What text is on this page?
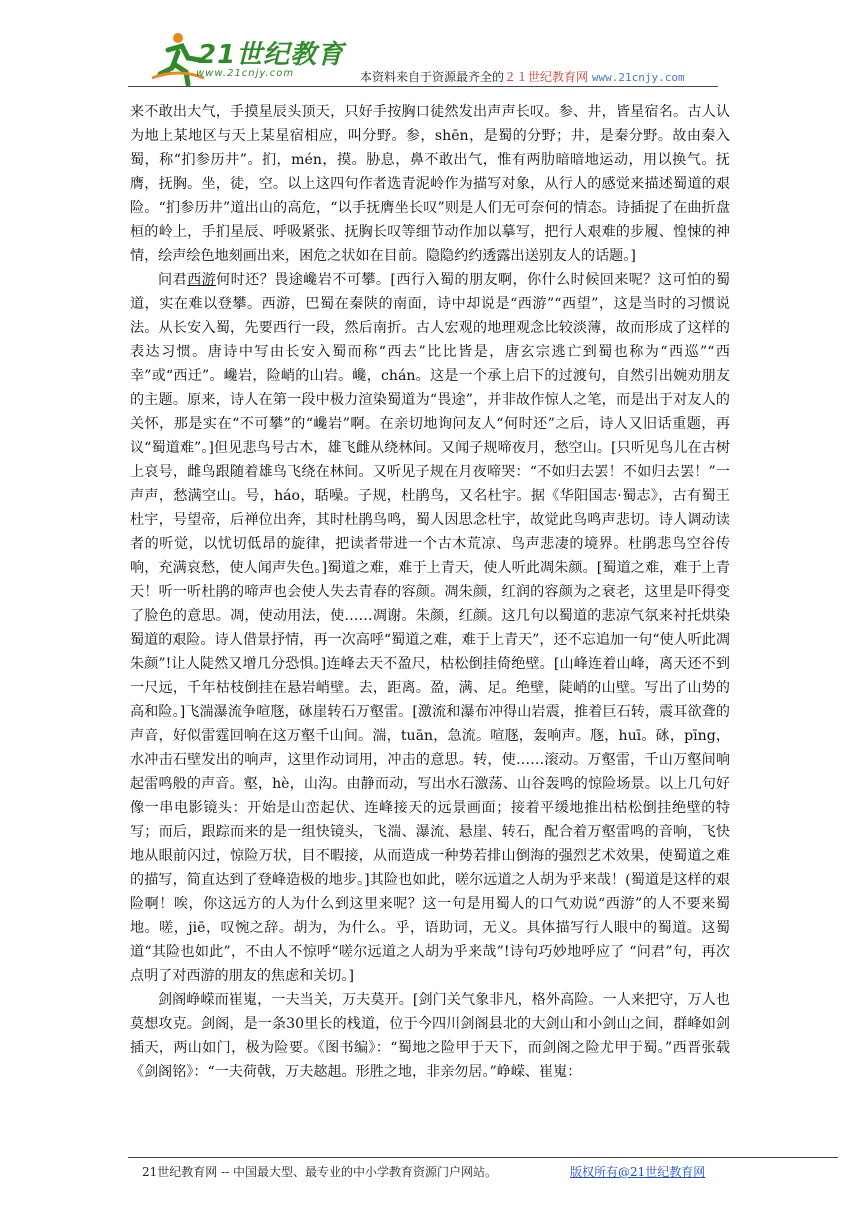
21世纪教育
www.21cnjy.com	本资料来自于资源最齐全的２１世纪教育网 www.21cnjy.com

来不敢出大气，手摸星辰头顶天，只好手按胸口徒然发出声声长叹。参、井，皆星宿名。古人认为地上某地区与天上某星宿相应，叫分野。参，shēn，是蜀的分野；井，是秦分野。故由秦入蜀，称“扪参历井”。扪，mén，摸。胁息，鼻不敢出气，惟有两肋暗暗地运动，用以换气。抚膺，抚胸。坐，徒，空。以上这四句作者选青泥岭作为描写对象，从行人的感觉来描述蜀道的艰险。“扪参历井”道出山的高危，“以手抚膺坐长叹”则是人们无可奈何的情态。诗插捉了在曲折盘桓的岭上，手扪星辰、呼吸紧张、抚胸长叹等细节动作加以摹写，把行人艰难的步履、惶悚的神情，绘声绘色地刻画出来，困危之状如在目前。隐隐约约透露出送别友人的话题。]

问君西游何时还？畏途巉岩不可攀。[西行入蜀的朋友啊，你什么时候回来呢？这可怕的蜀道，实在难以登攀。西游，巴蜀在秦陕的南面，诗中却说是“西游”“西望”，这是当时的习惯说法。从长安入蜀，先要西行一段，然后南折。古人宏观的地理观念比较淡薄，故而形成了这样的表达习惯。唐诗中写由长安入蜀而称“西去”比比皆是，唐玄宗逃亡到蜀也称为“西巡”“西幸”或“西迁”。巉岩，险峭的山岩。巉，chán。这是一个承上启下的过渡句，自然引出婉劝朋友的主题。原来，诗人在第一段中极力渲染蜀道为“畏途”，并非故作惊人之笔，而是出于对友人的关怀，那是实在“不可攀”的“巉岩”啊。在亲切地询问友人“何时还”之后，诗人又旧话重题，再议“蜀道难”。]但见悲鸟号古木，雄飞雌从绕林间。又闻子规啼夜月，愁空山。[只听见鸟儿在古树上哀号，雌鸟跟随着雄鸟飞绕在林间。又听见子规在月夜啼哭：“不如归去罢！不如归去罢！”一声声，愁满空山。号，háo，聒噪。子规，杜鹃鸟，又名杜宇。据《华阳国志·蜀志》，古有蜀王杜宇，号望帝，后禅位出奔，其时杜鹃鸟鸣，蜀人因思念杜宇，故觉此鸟鸣声悲切。诗人调动读者的听觉，以忧切低昂的旋律，把读者带进一个古木荒凉、鸟声悲凄的境界。杜鹃悲鸟空谷传响，充满哀愁，使人闻声失色。]蜀道之难，难于上青天，使人听此凋朱颜。[蜀道之难，难于上青天！听一听杜鹃的啼声也会使人失去青春的容颜。凋朱颜，红润的容颜为之衰老，这里是吓得变了脸色的意思。凋，使动用法，使……凋谢。朱颜，红颜。这几句以蜀道的悲凉气氛来衬托烘染蜀道的艰险。诗人借景抒情，再一次高呼“蜀道之难，难于上青天”，还不忘追加一句“使人听此凋朱颜”!让人陡然又增几分恐惧。]连峰去天不盈尺，枯松倒挂倚绝壁。[山峰连着山峰，离天还不到一尺远，千年枯枝倒挂在悬岩峭壁。去，距离。盈，满、足。绝壁，陡峭的山壁。写出了山势的高和险。]飞湍瀑流争喧豗，砯崖转石万壑雷。[激流和瀑布冲得山岩震，推着巨石转，震耳欲聋的声音，好似雷霆回响在这万壑千山间。湍，tuān，急流。喧豗，轰响声。豗，huī。砯，pīng，水冲击石壁发出的响声，这里作动词用，冲击的意思。转，使……滚动。万壑雷，千山万壑间响起雷鸣般的声音。壑，hè，山沟。由静而动，写出水石激荡、山谷轰鸣的惊险场景。以上几句好像一串电影镜头：开始是山峦起伏、连峰接天的远景画面；接着平缓地推出枯松倒挂绝壁的特写；而后，跟踪而来的是一组快镜头，飞湍、瀑流、悬崖、转石，配合着万壑雷鸣的音响，飞快地从眼前闪过，惊险万状，目不暇接，从而造成一种势若排山倒海的强烈艺术效果，使蜀道之难的描写，简直达到了登峰造极的地步。]其险也如此，嗟尔远道之人胡为乎来哉！(蜀道是这样的艰险啊！唉，你这远方的人为什么到这里来呢？这一句是用蜀人的口气劝说“西游”的人不要来蜀地。嗟，jiē，叹惋之辞。胡为，为什么。乎，语助词，无义。具体描写行人眼中的蜀道。这蜀道“其险也如此”，不由人不惊呼“嗟尔远道之人胡为乎来哉”!诗句巧妙地呼应了 “问君”句，再次点明了对西游的朋友的焦虑和关切。]

剑阁峥嵘而崔嵬，一夫当关，万夫莫开。[剑门关气象非凡，格外高险。一人来把守，万人也莫想攻克。剑阁，是一条30里长的栈道，位于今四川剑阁县北的大剑山和小剑山之间，群峰如剑插天，两山如门，极为险要。《图书编》：“蜀地之险甲于天下，而剑阁之险尤甲于蜀。”西晋张载《剑阁铭》：“一夫荷戟，万夫趑趄。形胜之地，非亲勿居。”峥嵘、崔嵬：

21世纪教育网 -- 中国最大型、最专业的中小学教育资源门户网站。	版权所有@21世纪教育网
